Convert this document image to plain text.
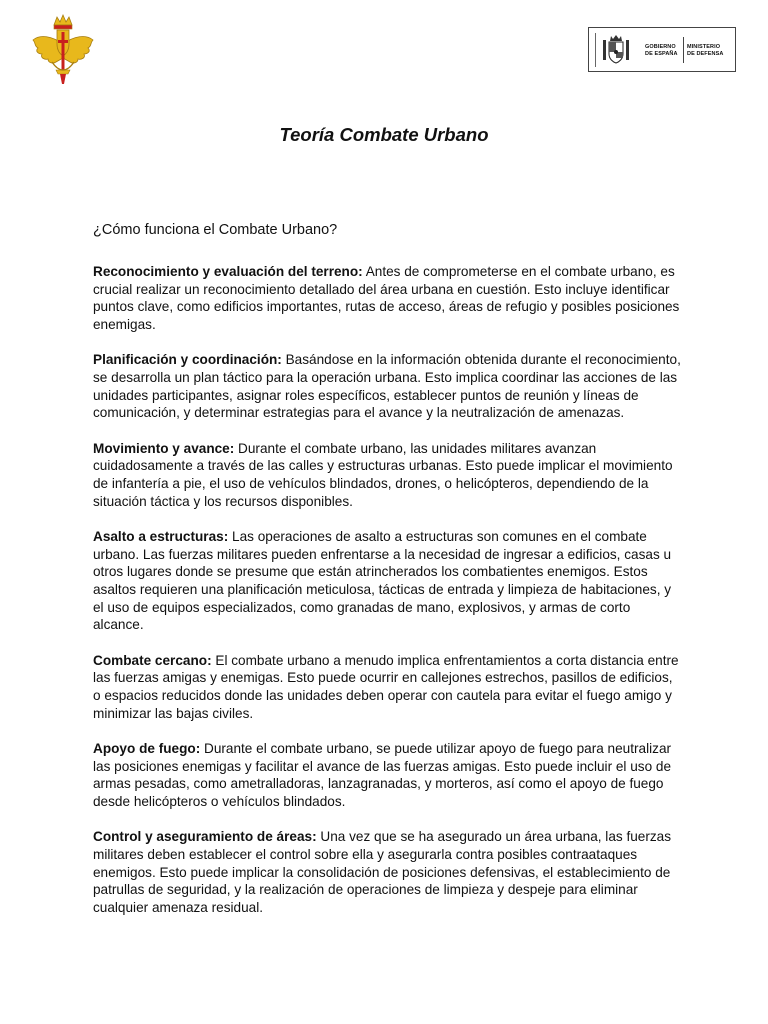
GOBIERNO
DE ESPAÑA
MINISTERIO
DE DEFENSA
Teoría Combate Urbano
¿Cómo funciona el Combate Urbano?

Reconocimiento y evaluación del terreno: Antes de comprometerse en el combate urbano, es crucial realizar un reconocimiento detallado del área urbana en cuestión. Esto incluye identificar puntos clave, como edificios importantes, rutas de acceso, áreas de refugio y posibles posiciones enemigas.

Planificación y coordinación: Basándose en la información obtenida durante el reconocimiento, se desarrolla un plan táctico para la operación urbana. Esto implica coordinar las acciones de las unidades participantes, asignar roles específicos, establecer puntos de reunión y líneas de comunicación, y determinar estrategias para el avance y la neutralización de amenazas.

Movimiento y avance: Durante el combate urbano, las unidades militares avanzan cuidadosamente a través de las calles y estructuras urbanas. Esto puede implicar el movimiento de infantería a pie, el uso de vehículos blindados, drones, o helicópteros, dependiendo de la situación táctica y los recursos disponibles.

Asalto a estructuras: Las operaciones de asalto a estructuras son comunes en el combate urbano. Las fuerzas militares pueden enfrentarse a la necesidad de ingresar a edificios, casas u otros lugares donde se presume que están atrincherados los combatientes enemigos. Estos asaltos requieren una planificación meticulosa, tácticas de entrada y limpieza de habitaciones, y el uso de equipos especializados, como granadas de mano, explosivos, y armas de corto alcance.

Combate cercano: El combate urbano a menudo implica enfrentamientos a corta distancia entre las fuerzas amigas y enemigas. Esto puede ocurrir en callejones estrechos, pasillos de edificios, o espacios reducidos donde las unidades deben operar con cautela para evitar el fuego amigo y minimizar las bajas civiles.

Apoyo de fuego: Durante el combate urbano, se puede utilizar apoyo de fuego para neutralizar las posiciones enemigas y facilitar el avance de las fuerzas amigas. Esto puede incluir el uso de armas pesadas, como ametralladoras, lanzagranadas, y morteros, así como el apoyo de fuego desde helicópteros o vehículos blindados.

Control y aseguramiento de áreas: Una vez que se ha asegurado un área urbana, las fuerzas militares deben establecer el control sobre ella y asegurarla contra posibles contraataques enemigos. Esto puede implicar la consolidación de posiciones defensivas, el establecimiento de patrullas de seguridad, y la realización de operaciones de limpieza y despeje para eliminar cualquier amenaza residual.
